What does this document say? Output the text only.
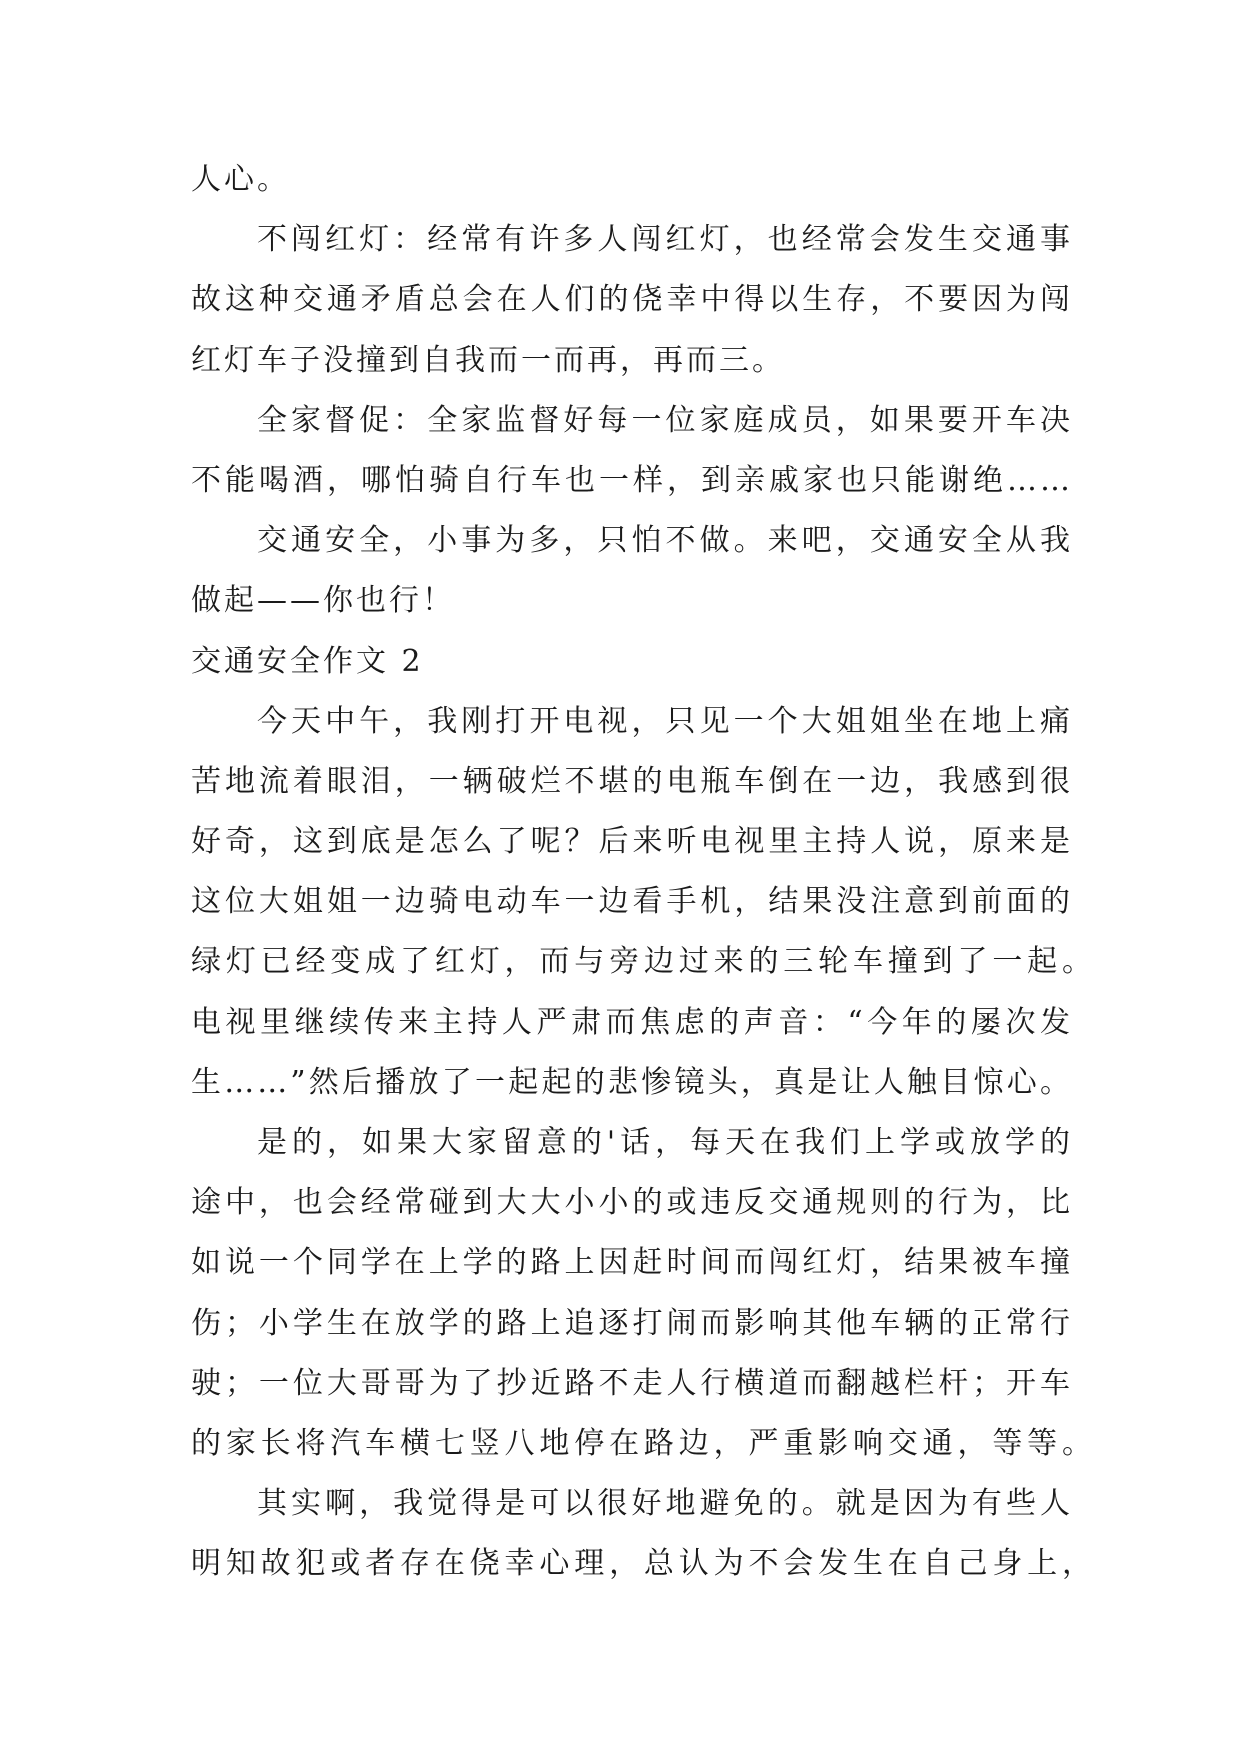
人心。
不闯红灯：经常有许多人闯红灯，也经常会发生交通事
故这种交通矛盾总会在人们的侥幸中得以生存，不要因为闯
红灯车子没撞到自我而一而再，再而三。
全家督促：全家监督好每一位家庭成员，如果要开车决
不能喝酒，哪怕骑自行车也一样，到亲戚家也只能谢绝……
交通安全，小事为多，只怕不做。来吧，交通安全从我
做起——你也行！
交通安全作文 2
今天中午，我刚打开电视，只见一个大姐姐坐在地上痛
苦地流着眼泪，一辆破烂不堪的电瓶车倒在一边，我感到很
好奇，这到底是怎么了呢？后来听电视里主持人说，原来是
这位大姐姐一边骑电动车一边看手机，结果没注意到前面的
绿灯已经变成了红灯，而与旁边过来的三轮车撞到了一起。
电视里继续传来主持人严肃而焦虑的声音：“今年的屡次发
生……”然后播放了一起起的悲惨镜头，真是让人触目惊心。
是的，如果大家留意的'话，每天在我们上学或放学的
途中，也会经常碰到大大小小的或违反交通规则的行为，比
如说一个同学在上学的路上因赶时间而闯红灯，结果被车撞
伤；小学生在放学的路上追逐打闹而影响其他车辆的正常行
驶；一位大哥哥为了抄近路不走人行横道而翻越栏杆；开车
的家长将汽车横七竖八地停在路边，严重影响交通，等等。
其实啊，我觉得是可以很好地避免的。就是因为有些人
明知故犯或者存在侥幸心理，总认为不会发生在自己身上，
